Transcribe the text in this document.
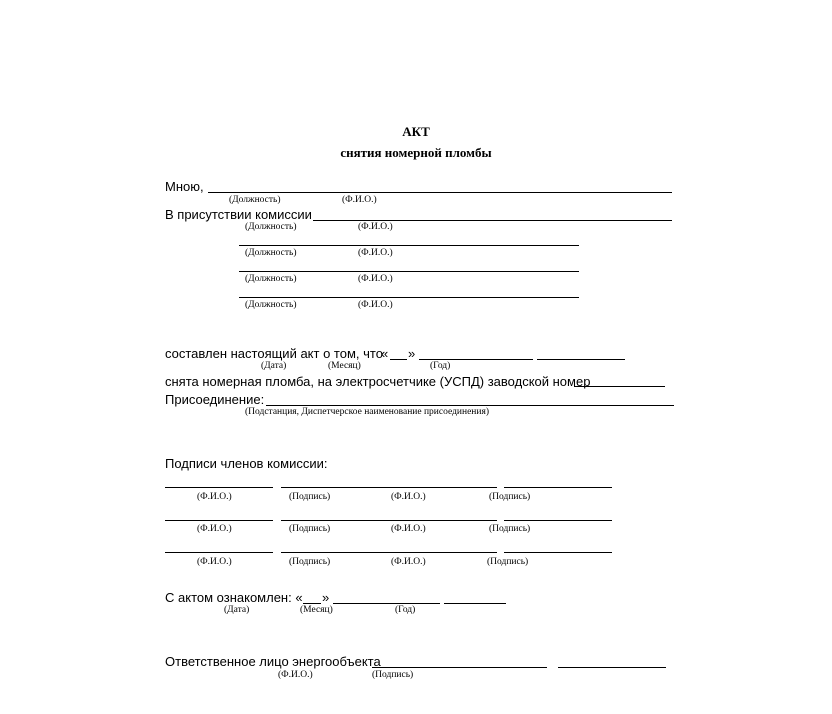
АКТ
снятия номерной пломбы
Мною,
(Должность)	(Ф.И.О.)
В присутствии комиссии
(Должность)	(Ф.И.О.)
(Должность)	(Ф.И.О.)
(Должность)	(Ф.И.О.)
(Должность)	(Ф.И.О.)
составлен настоящий акт о том, что
« »
(Дата)	(Месяц)	(Год)
снята номерная пломба, на электросчетчике (УСПД) заводской номер
Присоединение:
(Подстанция, Диспетчерское наименование присоединения)
Подписи членов комиссии:
(Ф.И.О.)	(Подпись)	(Ф.И.О.)	(Подпись)
(Ф.И.О.)	(Подпись)	(Ф.И.О.)	(Подпись)
(Ф.И.О.)	(Подпись)	(Ф.И.О.)	(Подпись)
С актом ознакомлен: « »
(Дата)	(Месяц)	(Год)
Ответственное лицо энергообъекта
(Ф.И.О.)	(Подпись)
